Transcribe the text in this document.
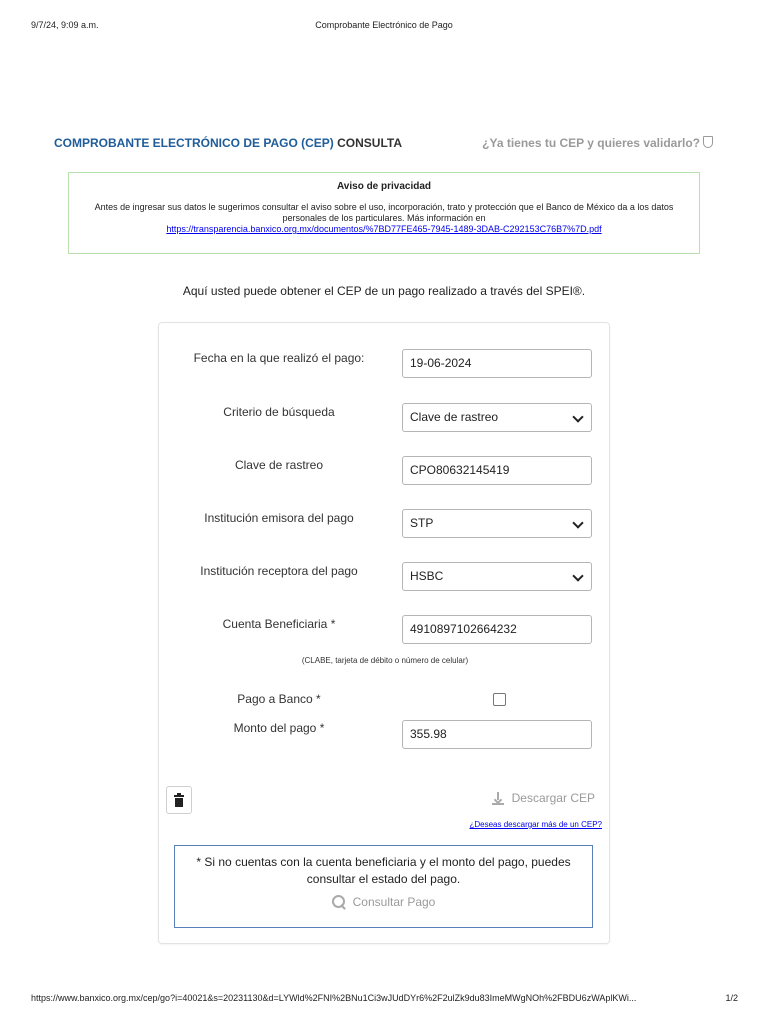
9/7/24, 9:09 a.m.	Comprobante Electrónico de Pago
COMPROBANTE ELECTRÓNICO DE PAGO (CEP) CONSULTA	¿Ya tienes tu CEP y quieres validarlo?
Aviso de privacidad
Antes de ingresar sus datos le sugerimos consultar el aviso sobre el uso, incorporación, trato y protección que el Banco de México da a los datos personales de los particulares. Más información en
https://transparencia.banxico.org.mx/documentos/%7BD77FE465-7945-1489-3DAB-C292153C76B7%7D.pdf
Aquí usted puede obtener el CEP de un pago realizado a través del SPEI®.
Fecha en la que realizó el pago:	19-06-2024
Criterio de búsqueda	Clave de rastreo
Clave de rastreo	CPO80632145419
Institución emisora del pago	STP
Institución receptora del pago	HSBC
Cuenta Beneficiaria *	4910897102664232
(CLABE, tarjeta de débito o número de celular)
Pago a Banco *
Monto del pago *	355.98
Descargar CEP
¿Deseas descargar más de un CEP?
* Si no cuentas con la cuenta beneficiaria y el monto del pago, puedes consultar el estado del pago.
Consultar Pago
https://www.banxico.org.mx/cep/go?i=40021&s=20231130&d=LYWld%2FNI%2BNu1Ci3wJUdDYr6%2F2ulZk9du83ImeMWgNOh%2FBDU6zWAplKWi...	1/2
